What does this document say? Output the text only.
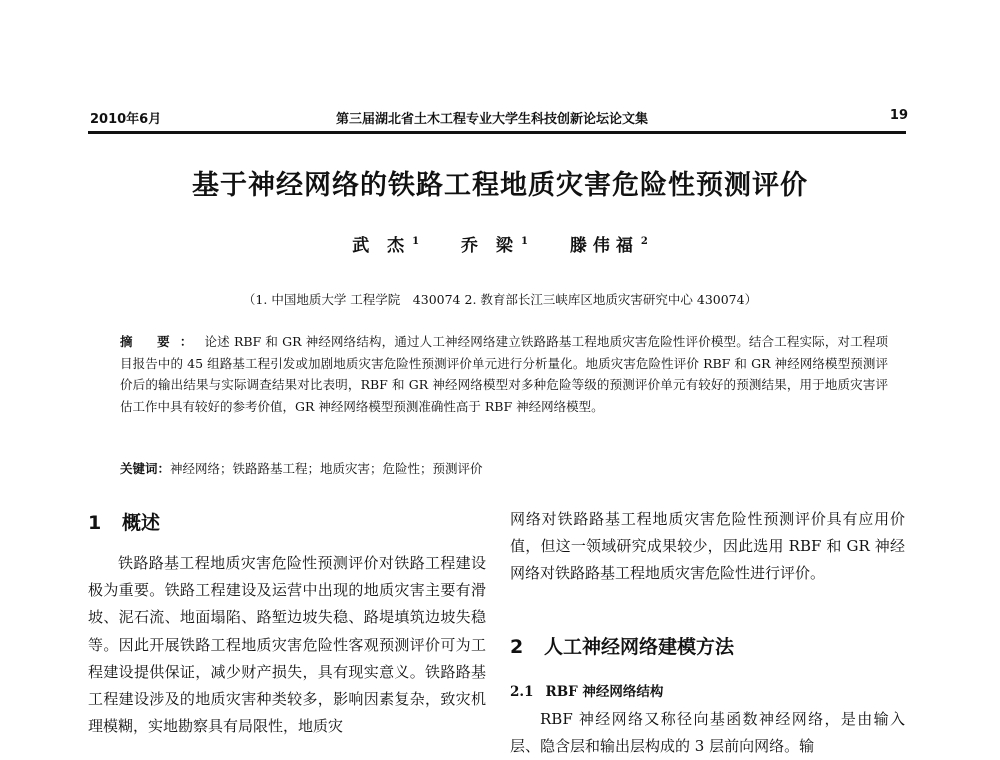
2010年6月	第三届湖北省土木工程专业大学生科技创新论坛论文集	19
基于神经网络的铁路工程地质灾害危险性预测评价
武 杰 $^1$ 乔 梁 $^1$ 滕伟福 $^2$
（1. 中国地质大学 工程学院　430074 2. 教育部长江三峡库区地质灾害研究中心 430074）
摘 要： 论述 RBF 和 GR 神经网络结构，通过人工神经网络建立铁路路基工程地质灾害危险性评价模型。结合工程实际，对工程项目报告中的 45 组路基工程引发或加剧地质灾害危险性预测评价单元进行分析量化。地质灾害危险性评价 RBF 和 GR 神经网络模型预测评价后的输出结果与实际调查结果对比表明，RBF 和 GR 神经网络模型对多种危险等级的预测评价单元有较好的预测结果，用于地质灾害评估工作中具有较好的参考价值，GR 神经网络模型预测准确性高于 RBF 神经网络模型。
关键词：神经网络；铁路路基工程；地质灾害；危险性；预测评价
1 概述

铁路路基工程地质灾害危险性预测评价对铁路工程建设极为重要。铁路工程建设及运营中出现的地质灾害主要有滑坡、泥石流、地面塌陷、路堑边坡失稳、路堤填筑边坡失稳等。因此开展铁路工程地质灾害危险性客观预测评价可为工程建设提供保证，减少财产损失，具有现实意义。铁路路基工程建设涉及的地质灾害种类较多，影响因素复杂，致灾机理模糊，实地勘察具有局限性，地质灾

网络对铁路路基工程地质灾害危险性预测评价具有应用价值，但这一领域研究成果较少，因此选用 RBF 和 GR 神经网络对铁路路基工程地质灾害危险性进行评价。

2 人工神经网络建模方法
2.1 RBF 神经网络结构

RBF 神经网络又称径向基函数神经网络，是由输入层、隐含层和输出层构成的 3 层前向网络。输
